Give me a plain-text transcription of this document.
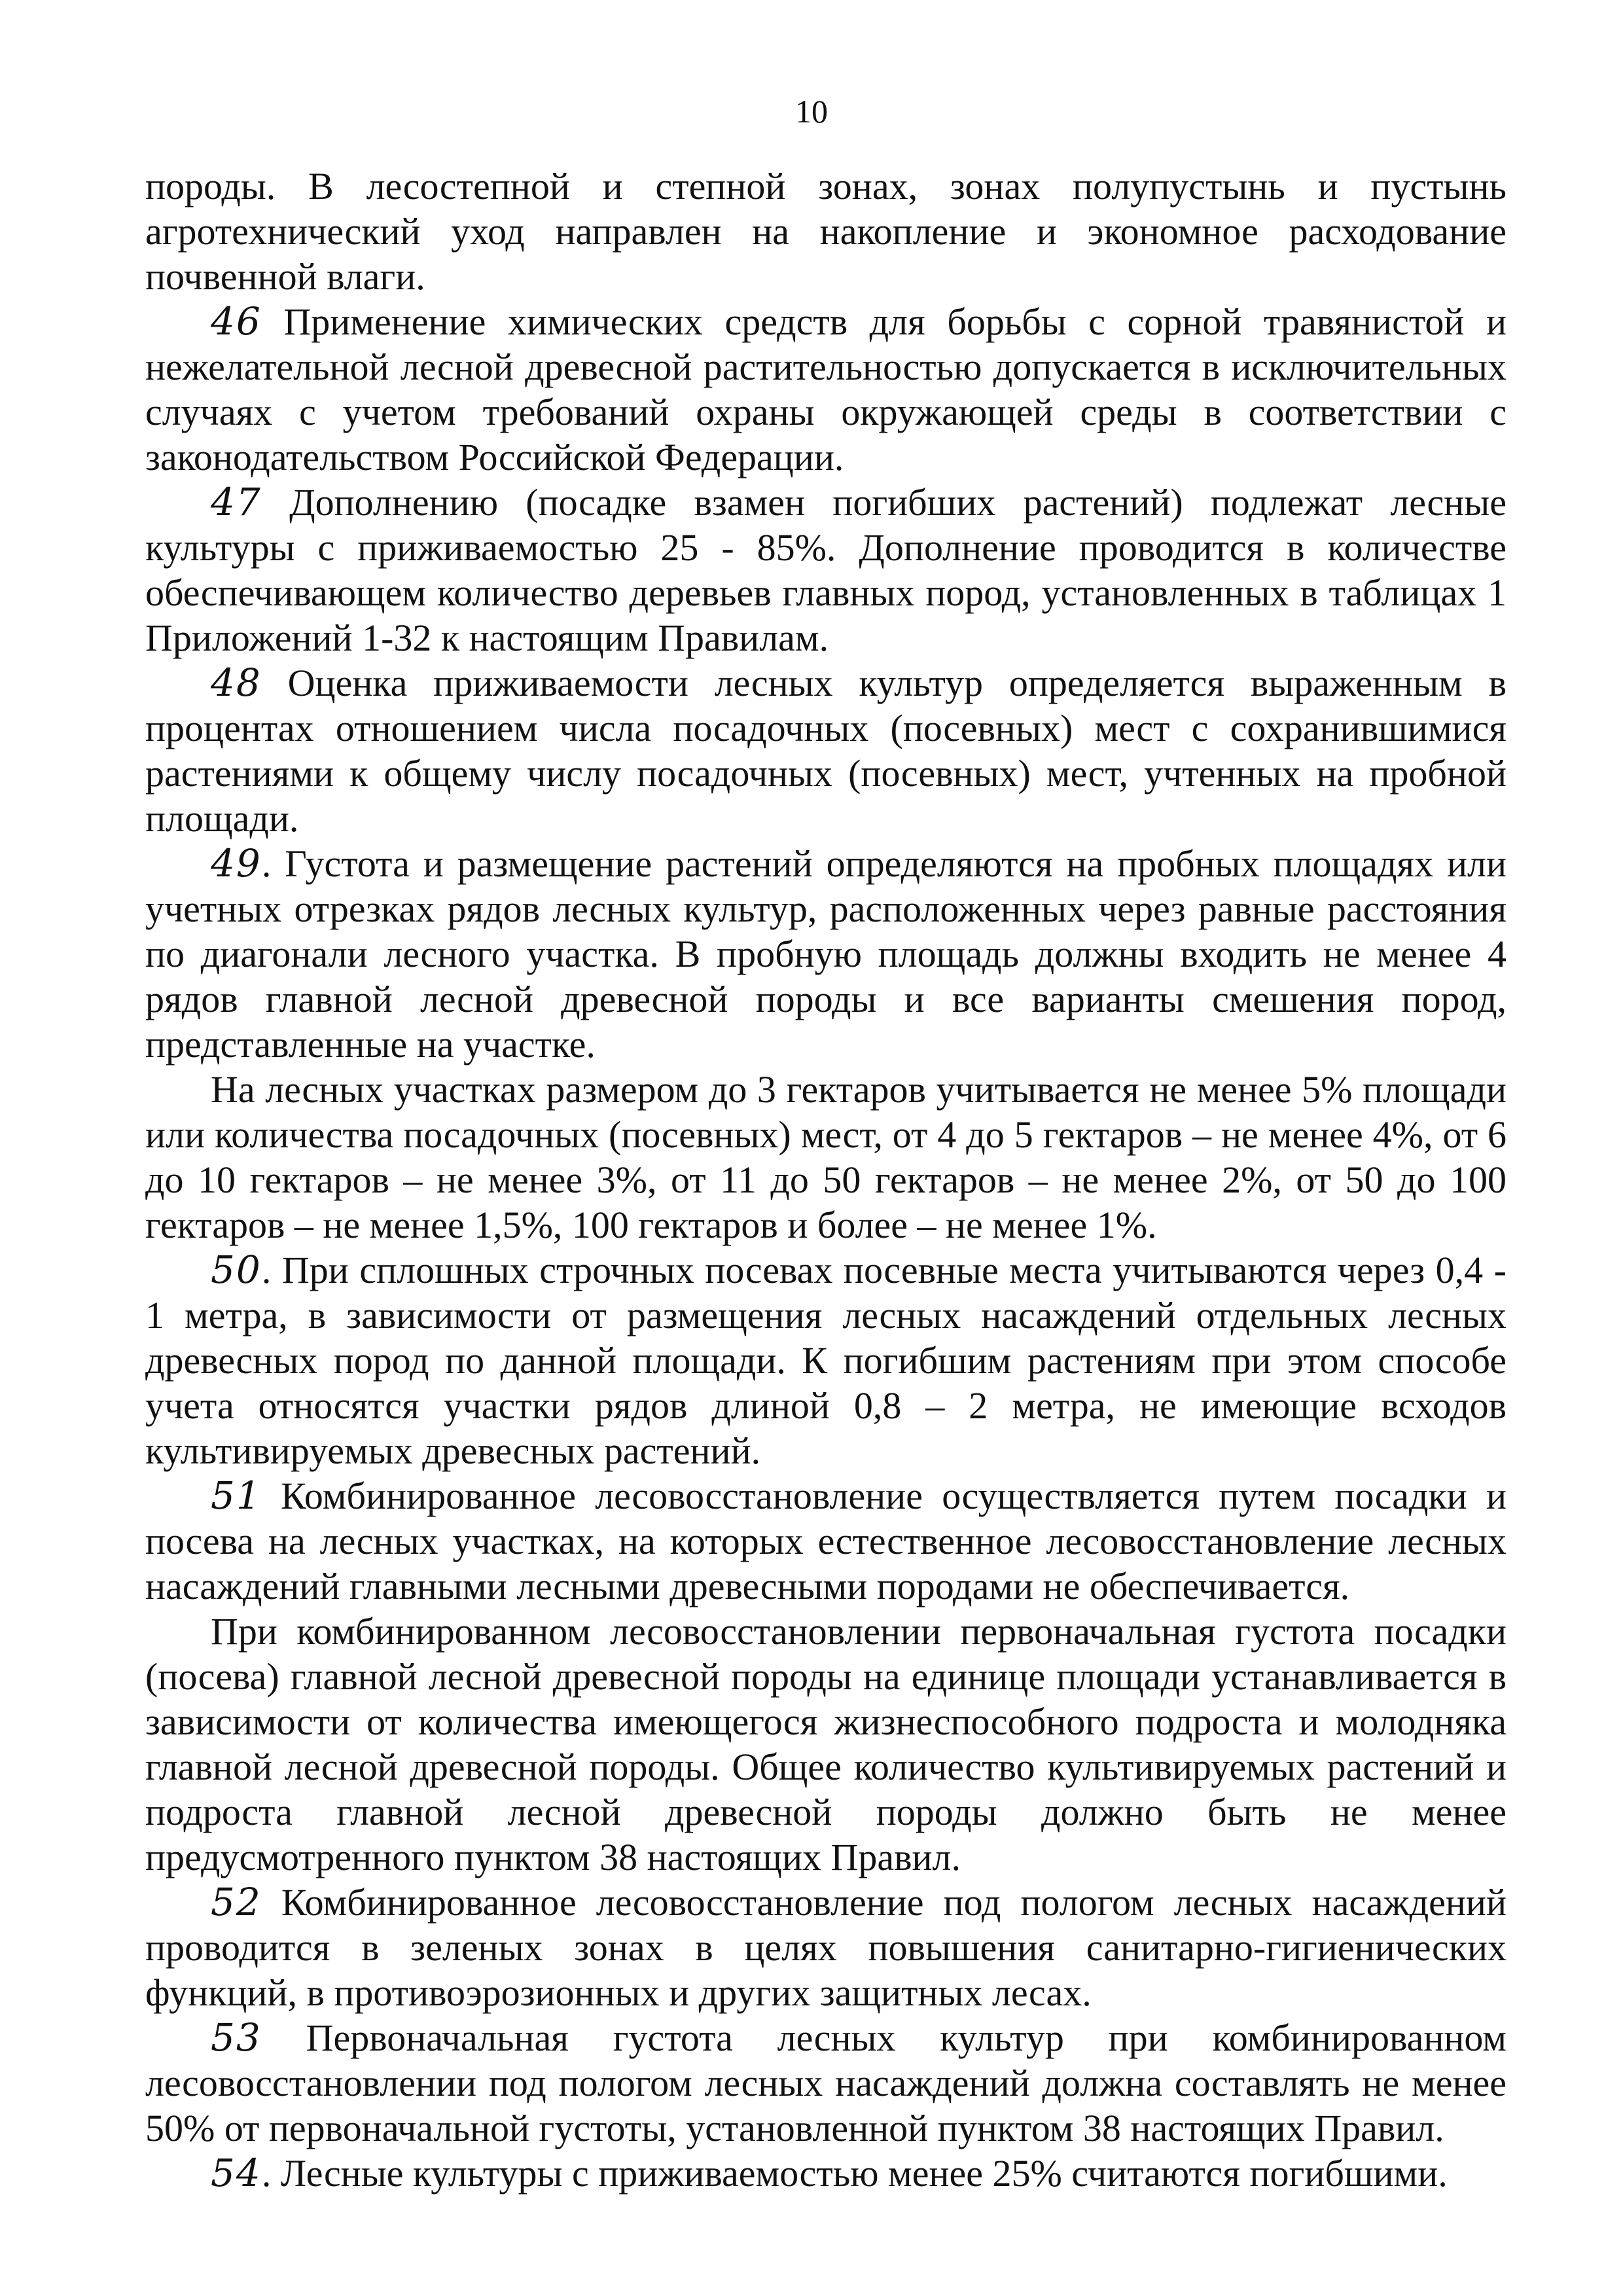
10

породы. В лесостепной и степной зонах, зонах полупустынь и пустынь агротехнический уход направлен на накопление и экономное расходование почвенной влаги.

46 Применение химических средств для борьбы с сорной травянистой и нежелательной лесной древесной растительностью допускается в исключительных случаях с учетом требований охраны окружающей среды в соответствии с законодательством Российской Федерации.

47 Дополнению (посадке взамен погибших растений) подлежат лесные культуры с приживаемостью 25 - 85%. Дополнение проводится в количестве обеспечивающем количество деревьев главных пород, установленных в таблицах 1 Приложений 1-32 к настоящим Правилам.

48 Оценка приживаемости лесных культур определяется выраженным в процентах отношением числа посадочных (посевных) мест с сохранившимися растениями к общему числу посадочных (посевных) мест, учтенных на пробной площади.

49. Густота и размещение растений определяются на пробных площадях или учетных отрезках рядов лесных культур, расположенных через равные расстояния по диагонали лесного участка. В пробную площадь должны входить не менее 4 рядов главной лесной древесной породы и все варианты смешения пород, представленные на участке.

На лесных участках размером до 3 гектаров учитывается не менее 5% площади или количества посадочных (посевных) мест, от 4 до 5 гектаров – не менее 4%, от 6 до 10 гектаров – не менее 3%, от 11 до 50 гектаров – не менее 2%, от 50 до 100 гектаров – не менее 1,5%, 100 гектаров и более – не менее 1%.

50. При сплошных строчных посевах посевные места учитываются через 0,4 - 1 метра, в зависимости от размещения лесных насаждений отдельных лесных древесных пород по данной площади. К погибшим растениям при этом способе учета относятся участки рядов длиной 0,8 – 2 метра, не имеющие всходов культивируемых древесных растений.

51 Комбинированное лесовосстановление осуществляется путем посадки и посева на лесных участках, на которых естественное лесовосстановление лесных насаждений главными лесными древесными породами не обеспечивается.

При комбинированном лесовосстановлении первоначальная густота посадки (посева) главной лесной древесной породы на единице площади устанавливается в зависимости от количества имеющегося жизнеспособного подроста и молодняка главной лесной древесной породы. Общее количество культивируемых растений и подроста главной лесной древесной породы должно быть не менее предусмотренного пунктом 38 настоящих Правил.

52 Комбинированное лесовосстановление под пологом лесных насаждений проводится в зеленых зонах в целях повышения санитарно-гигиенических функций, в противоэрозионных и других защитных лесах.

53 Первоначальная густота лесных культур при комбинированном лесовосстановлении под пологом лесных насаждений должна составлять не менее 50% от первоначальной густоты, установленной пунктом 38 настоящих Правил.

54. Лесные культуры с приживаемостью менее 25% считаются погибшими.
